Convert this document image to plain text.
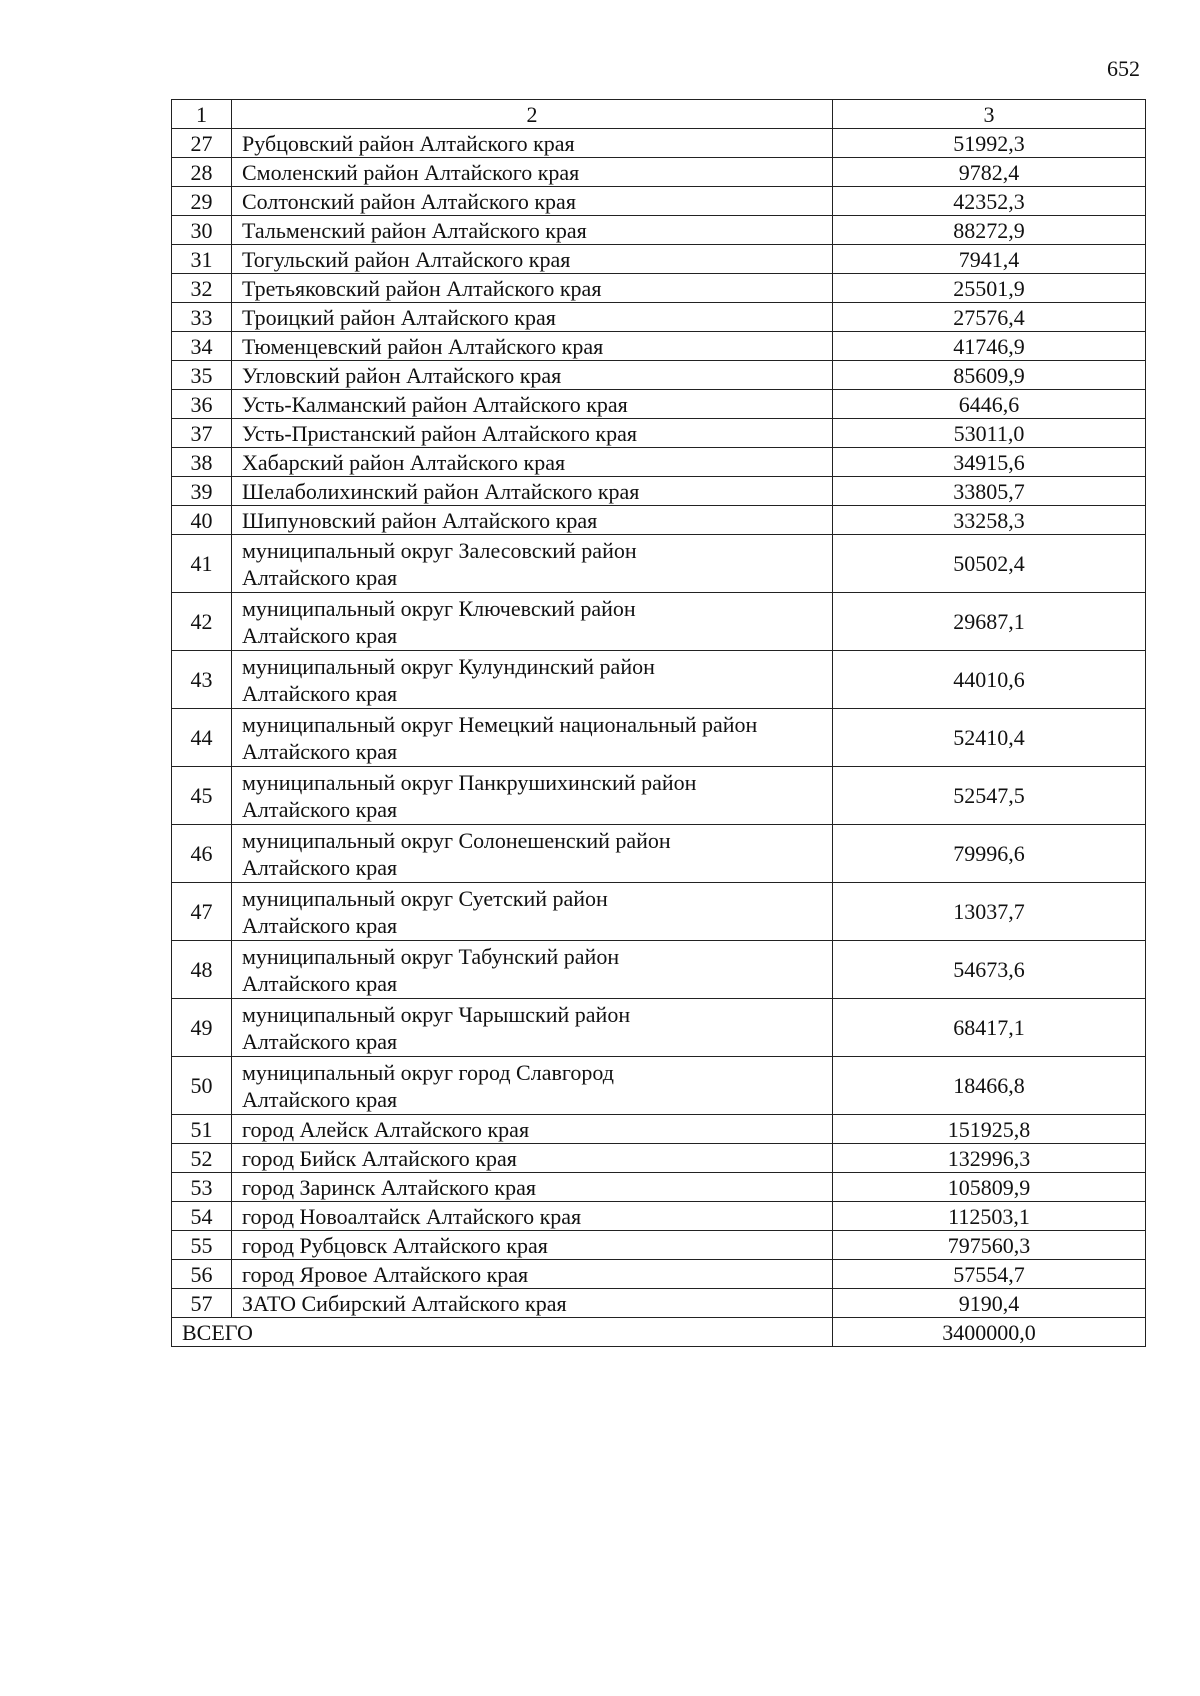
652
1	2	3
27	Рубцовский район Алтайского края	51992,3
28	Смоленский район Алтайского края	9782,4
29	Солтонский район Алтайского края	42352,3
30	Тальменский район Алтайского края	88272,9
31	Тогульский район Алтайского края	7941,4
32	Третьяковский район Алтайского края	25501,9
33	Троицкий район Алтайского края	27576,4
34	Тюменцевский район Алтайского края	41746,9
35	Угловский район Алтайского края	85609,9
36	Усть-Калманский район Алтайского края	6446,6
37	Усть-Пристанский район Алтайского края	53011,0
38	Хабарский район Алтайского края	34915,6
39	Шелаболихинский район Алтайского края	33805,7
40	Шипуновский район Алтайского края	33258,3
41	муниципальный округ Залесовский район
Алтайского края	50502,4
42	муниципальный округ Ключевский район
Алтайского края	29687,1
43	муниципальный округ Кулундинский район
Алтайского края	44010,6
44	муниципальный округ Немецкий национальный район
Алтайского края	52410,4
45	муниципальный округ Панкрушихинский район
Алтайского края	52547,5
46	муниципальный округ Солонешенский район
Алтайского края	79996,6
47	муниципальный округ Суетский район
Алтайского края	13037,7
48	муниципальный округ Табунский район
Алтайского края	54673,6
49	муниципальный округ Чарышский район
Алтайского края	68417,1
50	муниципальный округ город Славгород
Алтайского края	18466,8
51	город Алейск Алтайского края	151925,8
52	город Бийск Алтайского края	132996,3
53	город Заринск Алтайского края	105809,9
54	город Новоалтайск Алтайского края	112503,1
55	город Рубцовск Алтайского края	797560,3
56	город Яровое Алтайского края	57554,7
57	ЗАТО Сибирский Алтайского края	9190,4
ВСЕГО		3400000,0
